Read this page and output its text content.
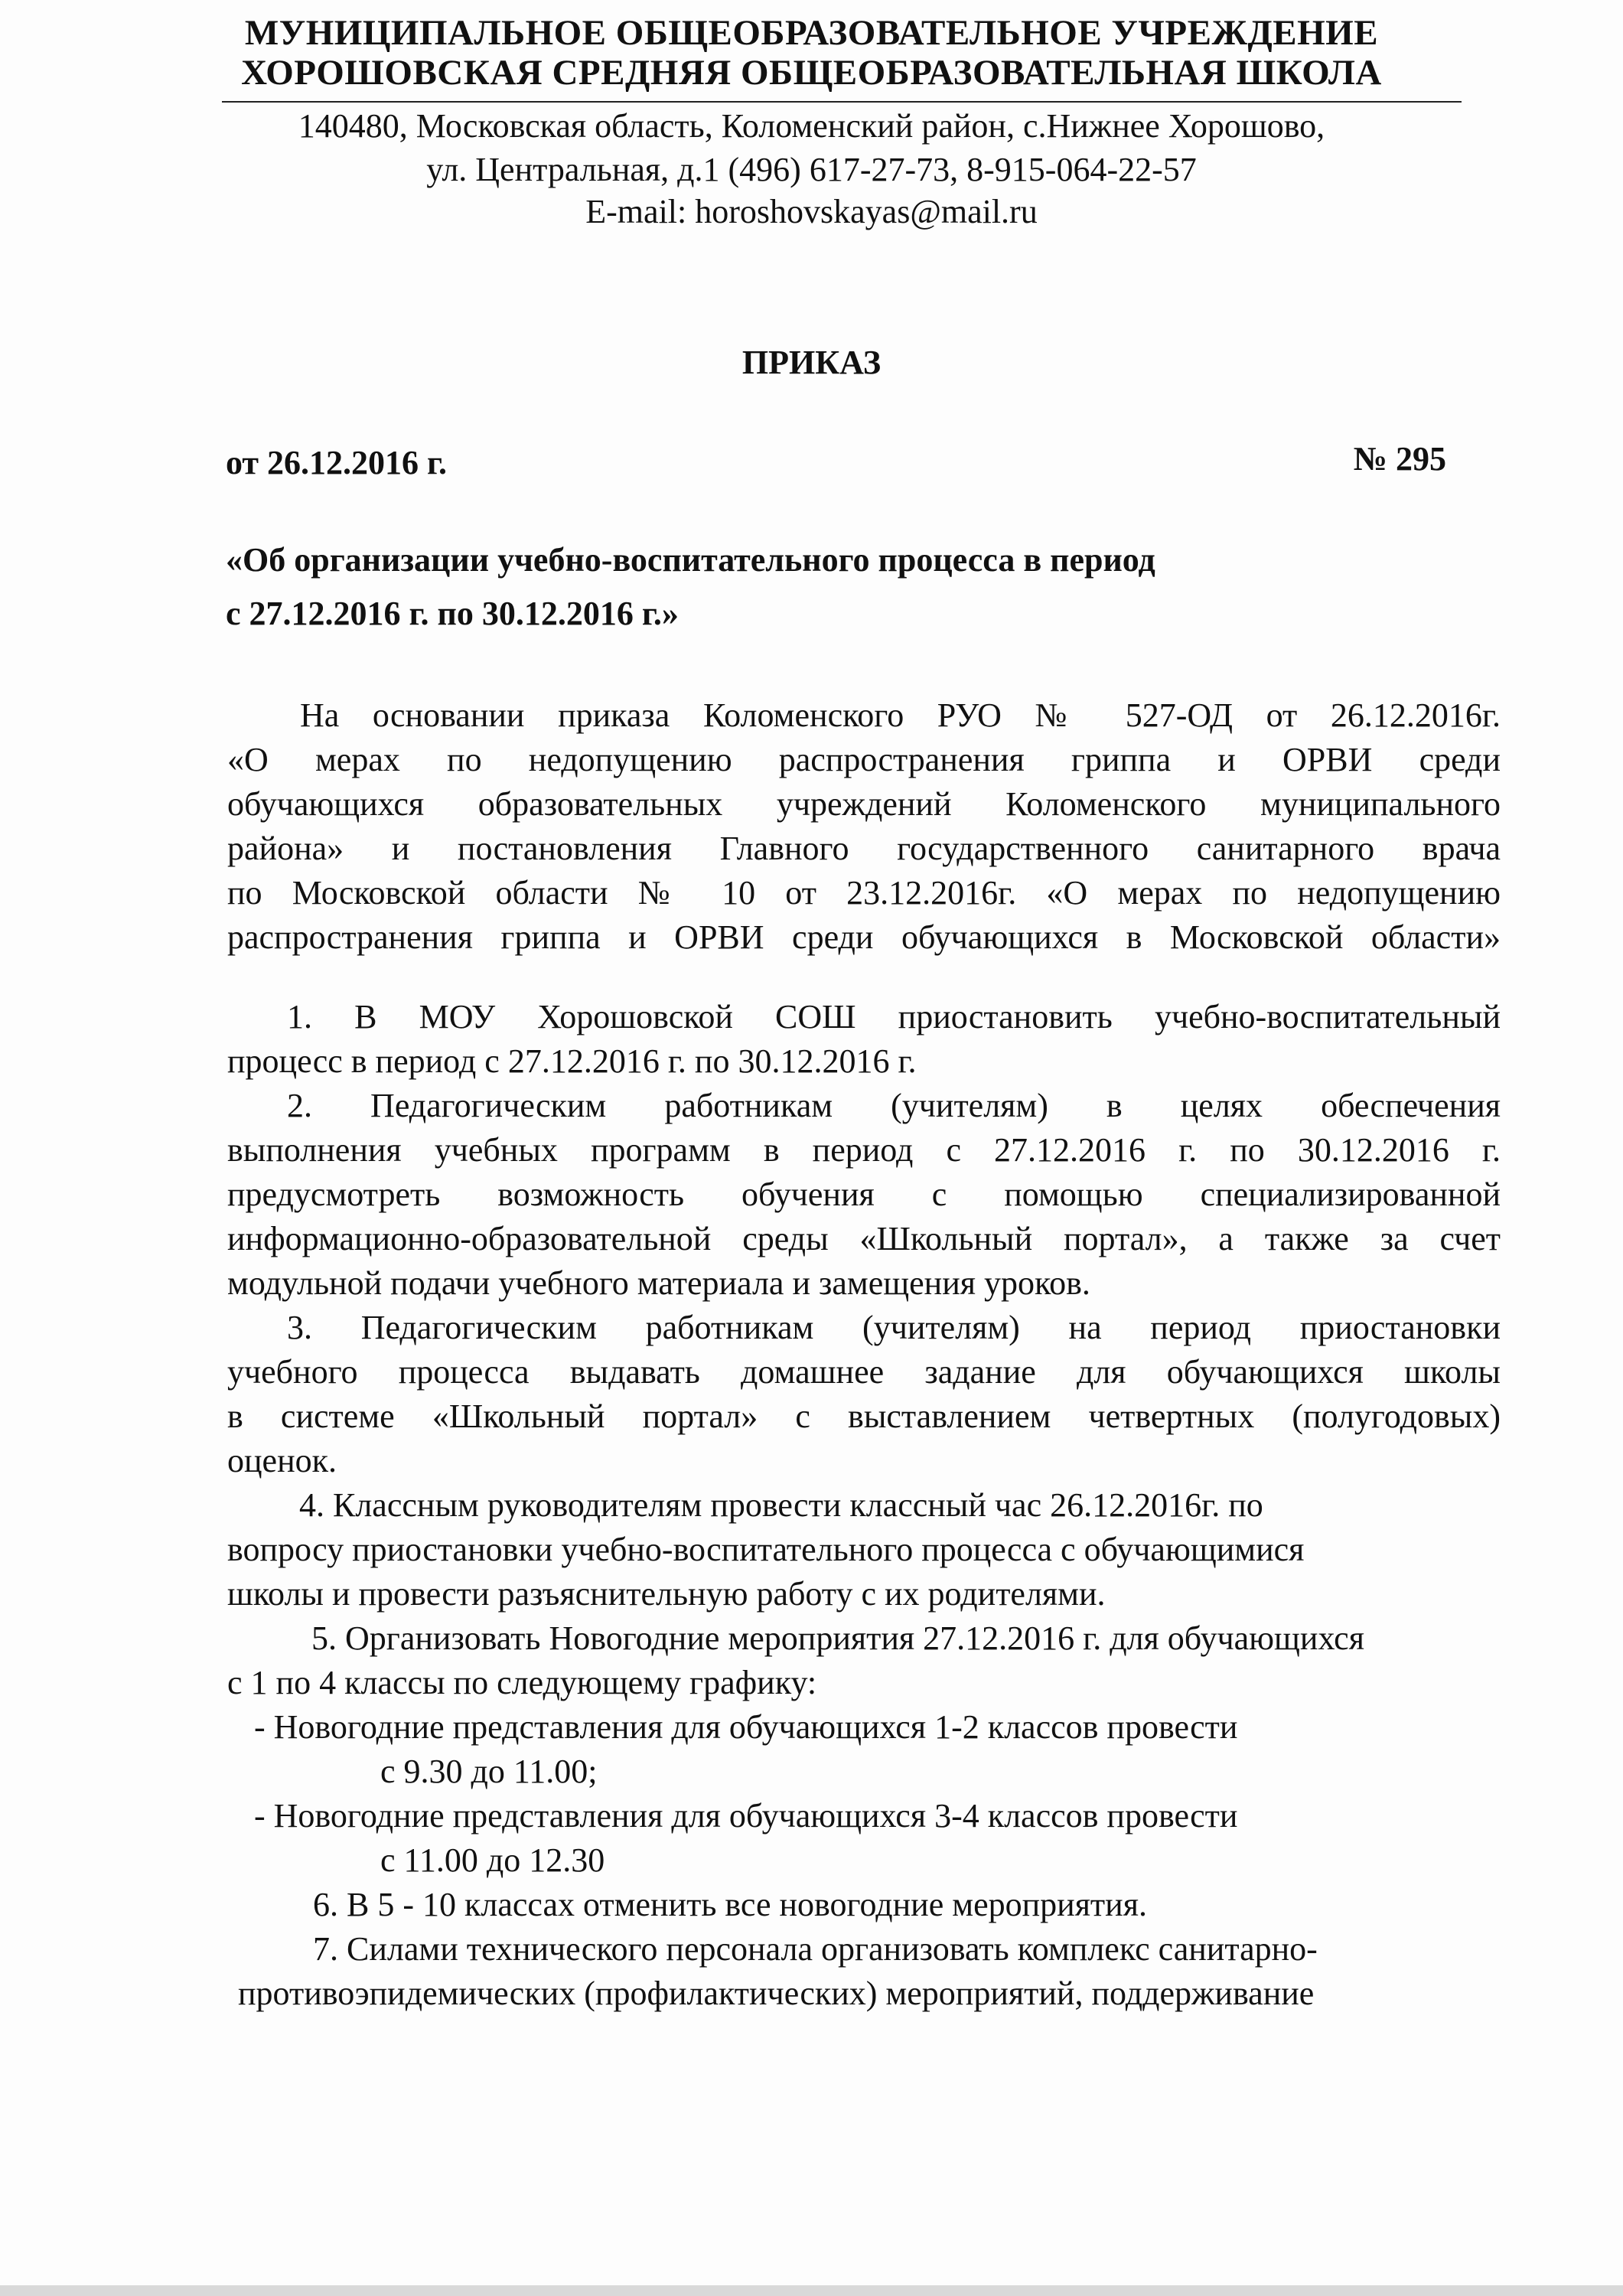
МУНИЦИПАЛЬНОЕ ОБЩЕОБРАЗОВАТЕЛЬНОЕ УЧРЕЖДЕНИЕ
ХОРОШОВСКАЯ СРЕДНЯЯ ОБЩЕОБРАЗОВАТЕЛЬНАЯ ШКОЛА
140480, Московская область, Коломенский район, с.Нижнее Хорошово,
ул. Центральная, д.1 (496) 617-27-73, 8-915-064-22-57
E-mail: horoshovskayas@mail.ru
ПРИКАЗ
от 26.12.2016 г.	№ 295
«Об организации учебно-воспитательного процесса в период
с 27.12.2016 г. по 30.12.2016 г.»
На основании приказа Коломенского РУО № 527-ОД от 26.12.2016г.
«О мерах по недопущению распространения гриппа и ОРВИ среди
обучающихся образовательных учреждений Коломенского муниципального
района» и постановления Главного государственного санитарного врача
по Московской области № 10 от 23.12.2016г. «О мерах по недопущению
распространения гриппа и ОРВИ среди обучающихся в Московской области»
1. В МОУ Хорошовской СОШ приостановить учебно-воспитательный
процесс в период с 27.12.2016 г. по 30.12.2016 г.
2. Педагогическим работникам (учителям) в целях обеспечения
выполнения учебных программ в период с 27.12.2016 г. по 30.12.2016 г.
предусмотреть возможность обучения с помощью специализированной
информационно-образовательной среды «Школьный портал», а также за счет
модульной подачи учебного материала и замещения уроков.
3. Педагогическим работникам (учителям) на период приостановки
учебного процесса выдавать домашнее задание для обучающихся школы
в системе «Школьный портал» с выставлением четвертных (полугодовых)
оценок.
4. Классным руководителям провести классный час 26.12.2016г. по
вопросу приостановки учебно-воспитательного процесса с обучающимися
школы и провести разъяснительную работу с их родителями.
5. Организовать Новогодние мероприятия 27.12.2016 г. для обучающихся
с 1 по 4 классы по следующему графику:
- Новогодние представления для обучающихся 1-2 классов провести
с 9.30 до 11.00;
- Новогодние представления для обучающихся 3-4 классов провести
с 11.00 до 12.30
6. В 5 - 10 классах отменить все новогодние мероприятия.
7. Силами технического персонала организовать комплекс санитарно-
противоэпидемических (профилактических) мероприятий, поддерживание
